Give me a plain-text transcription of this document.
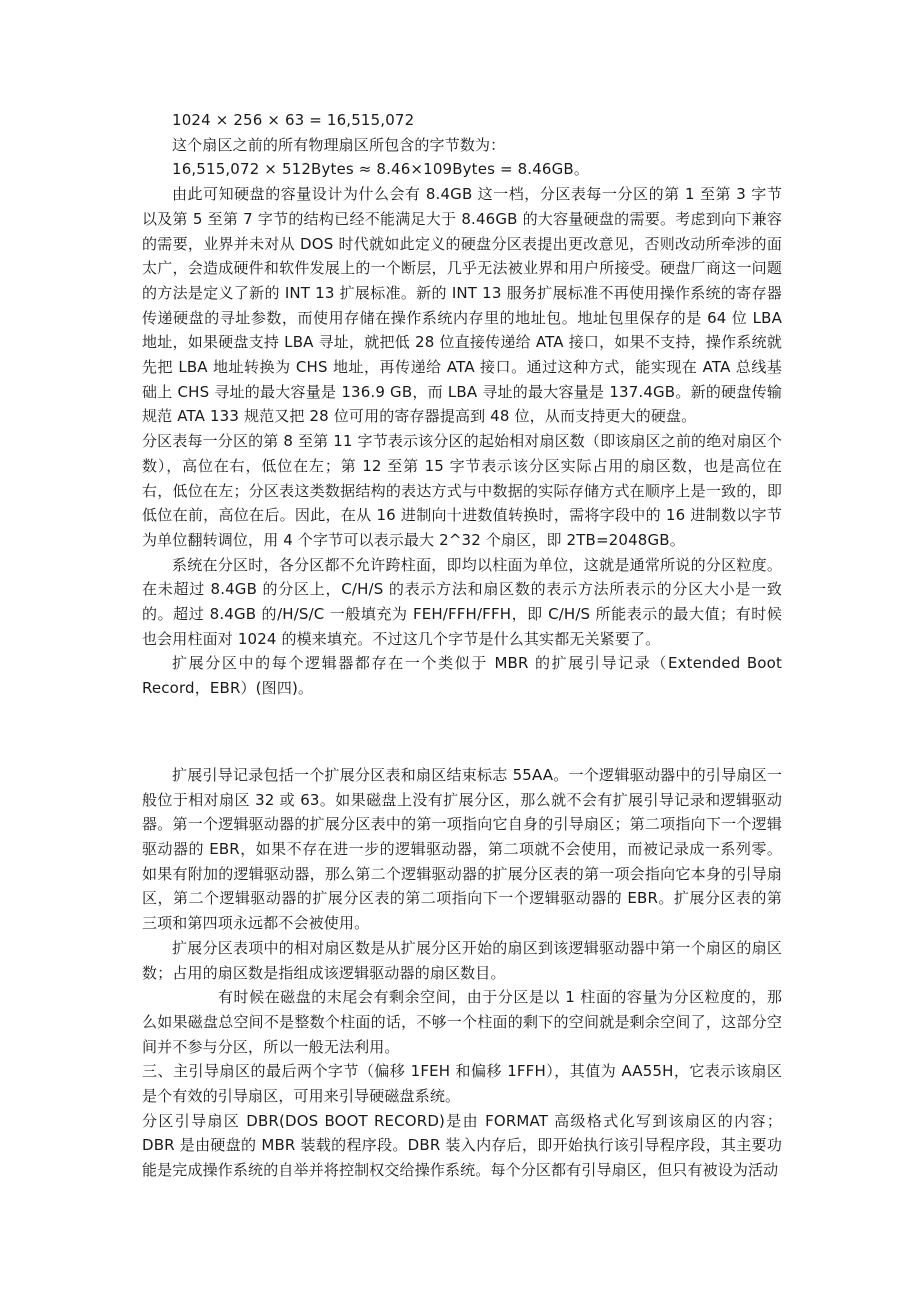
1024 × 256 × 63 = 16,515,072

这个扇区之前的所有物理扇区所包含的字节数为：

16,515,072 × 512Bytes ≈ 8.46×109Bytes = 8.46GB。

由此可知硬盘的容量设计为什么会有 8.4GB 这一档，分区表每一分区的第 1 至第 3 字节以及第 5 至第 7 字节的结构已经不能满足大于 8.46GB 的大容量硬盘的需要。考虑到向下兼容的需要，业界并未对从 DOS 时代就如此定义的硬盘分区表提出更改意见，否则改动所牵涉的面太广，会造成硬件和软件发展上的一个断层，几乎无法被业界和用户所接受。硬盘厂商这一问题的方法是定义了新的 INT 13 扩展标准。新的 INT 13 服务扩展标准不再使用操作系统的寄存器传递硬盘的寻址参数，而使用存储在操作系统内存里的地址包。地址包里保存的是 64 位 LBA 地址，如果硬盘支持 LBA 寻址，就把低 28 位直接传递给 ATA 接口，如果不支持，操作系统就先把 LBA 地址转换为 CHS 地址，再传递给 ATA 接口。通过这种方式，能实现在 ATA 总线基础上 CHS 寻址的最大容量是 136.9 GB，而 LBA 寻址的最大容量是 137.4GB。新的硬盘传输规范 ATA 133 规范又把 28 位可用的寄存器提高到 48 位，从而支持更大的硬盘。

分区表每一分区的第 8 至第 11 字节表示该分区的起始相对扇区数（即该扇区之前的绝对扇区个数），高位在右，低位在左；第 12 至第 15 字节表示该分区实际占用的扇区数，也是高位在右，低位在左；分区表这类数据结构的表达方式与中数据的实际存储方式在顺序上是一致的，即低位在前，高位在后。因此，在从 16 进制向十进数值转换时，需将字段中的 16 进制数以字节为单位翻转调位，用 4 个字节可以表示最大 2^32 个扇区，即 2TB=2048GB。

系统在分区时，各分区都不允许跨柱面，即均以柱面为单位，这就是通常所说的分区粒度。在未超过 8.4GB 的分区上，C/H/S 的表示方法和扇区数的表示方法所表示的分区大小是一致的。超过 8.4GB 的/H/S/C 一般填充为 FEH/FFH/FFH，即 C/H/S 所能表示的最大值；有时候也会用柱面对 1024 的模来填充。不过这几个字节是什么其实都无关紧要了。

扩展分区中的每个逻辑器都存在一个类似于 MBR 的扩展引导记录（Extended Boot Record，EBR）(图四)。

扩展引导记录包括一个扩展分区表和扇区结束标志 55AA。一个逻辑驱动器中的引导扇区一般位于相对扇区 32 或 63。如果磁盘上没有扩展分区，那么就不会有扩展引导记录和逻辑驱动器。第一个逻辑驱动器的扩展分区表中的第一项指向它自身的引导扇区；第二项指向下一个逻辑驱动器的 EBR，如果不存在进一步的逻辑驱动器，第二项就不会使用，而被记录成一系列零。如果有附加的逻辑驱动器，那么第二个逻辑驱动器的扩展分区表的第一项会指向它本身的引导扇区，第二个逻辑驱动器的扩展分区表的第二项指向下一个逻辑驱动器的 EBR。扩展分区表的第三项和第四项永远都不会被使用。

扩展分区表项中的相对扇区数是从扩展分区开始的扇区到该逻辑驱动器中第一个扇区的扇区数；占用的扇区数是指组成该逻辑驱动器的扇区数目。

有时候在磁盘的末尾会有剩余空间，由于分区是以 1 柱面的容量为分区粒度的，那么如果磁盘总空间不是整数个柱面的话，不够一个柱面的剩下的空间就是剩余空间了，这部分空间并不参与分区，所以一般无法利用。

三、主引导扇区的最后两个字节（偏移 1FEH 和偏移 1FFH），其值为 AA55H，它表示该扇区是个有效的引导扇区，可用来引导硬磁盘系统。

分区引导扇区 DBR(DOS BOOT RECORD)是由 FORMAT 高级格式化写到该扇区的内容；DBR 是由硬盘的 MBR 装载的程序段。DBR 装入内存后，即开始执行该引导程序段，其主要功能是完成操作系统的自举并将控制权交给操作系统。每个分区都有引导扇区，但只有被设为活动
